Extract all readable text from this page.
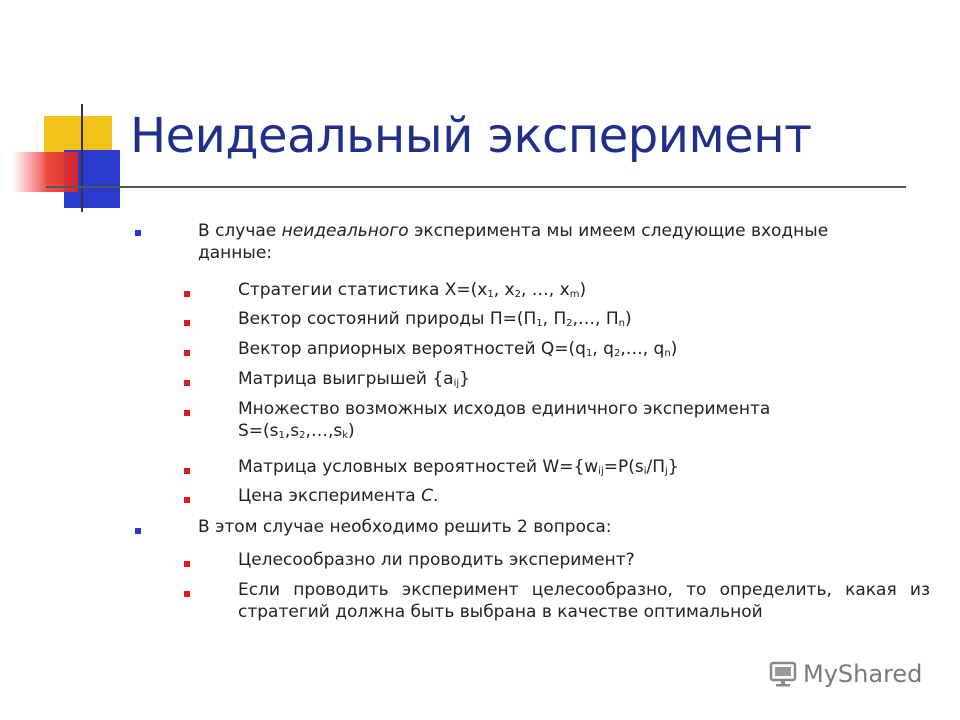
Неидеальный эксперимент
В случае неидеального эксперимента мы имеем следующие входные данные:
Стратегии статистика $X=(x_1$, $x_2$, …, $x_m$)
Вектор состояний природы $П=(П_1$, $П_2,\dots$, $П_n$)
Вектор априорных вероятностей $Q=(q_1$, $q_2,\dots$, $q_n$)
Матрица выигрышей $\{a_{ij}\}$
Множество возможных исходов единичного эксперимента
$S=(s_1,s_2,\dots,s_k)$
Матрица условных вероятностей $W=\{w_{ij}=P(s_i/П_j\}$
Цена эксперимента C.
В этом случае необходимо решить 2 вопроса:
Целесообразно ли проводить эксперимент?
Если проводить эксперимент целесообразно, то определить, какая из стратегий должна быть выбрана в качестве оптимальной
MyShared
